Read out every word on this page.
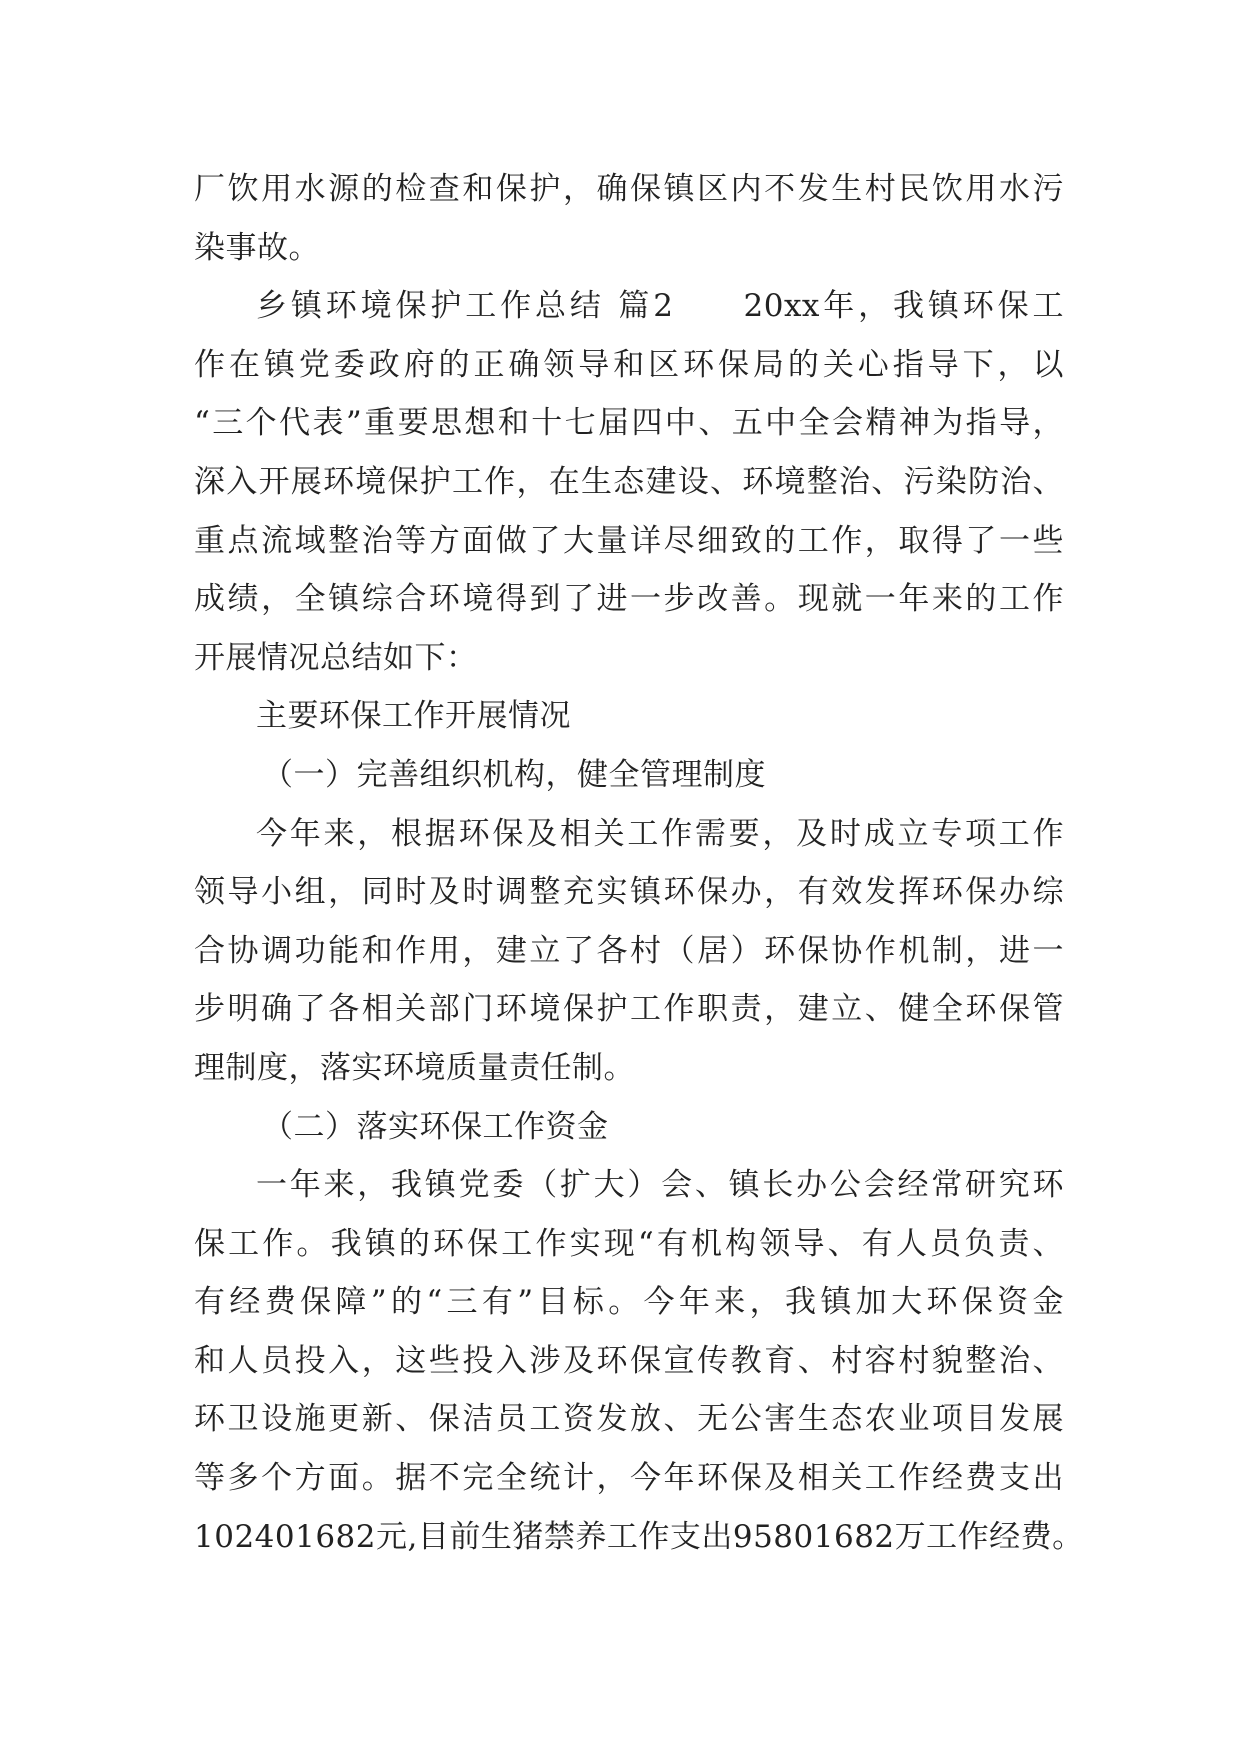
厂饮用水源的检查和保护，确保镇区内不发生村民饮用水污
染事故。
乡镇环境保护工作总结 篇2 20xx年，我镇环保工
作在镇党委政府的正确领导和区环保局的关心指导下，以
“三个代表”重要思想和十七届四中、五中全会精神为指导，
深入开展环境保护工作，在生态建设、环境整治、污染防治、
重点流域整治等方面做了大量详尽细致的工作，取得了一些
成绩，全镇综合环境得到了进一步改善。现就一年来的工作
开展情况总结如下：
主要环保工作开展情况
（一）完善组织机构，健全管理制度
今年来，根据环保及相关工作需要，及时成立专项工作
领导小组，同时及时调整充实镇环保办，有效发挥环保办综
合协调功能和作用，建立了各村（居）环保协作机制，进一
步明确了各相关部门环境保护工作职责，建立、健全环保管
理制度，落实环境质量责任制。
（二）落实环保工作资金
一年来，我镇党委（扩大）会、镇长办公会经常研究环
保工作。我镇的环保工作实现“有机构领导、有人员负责、
有经费保障”的“三有”目标。今年来，我镇加大环保资金
和人员投入，这些投入涉及环保宣传教育、村容村貌整治、
环卫设施更新、保洁员工资发放、无公害生态农业项目发展
等多个方面。据不完全统计，今年环保及相关工作经费支出
102401682元,目前生猪禁养工作支出95801682万工作经费。
